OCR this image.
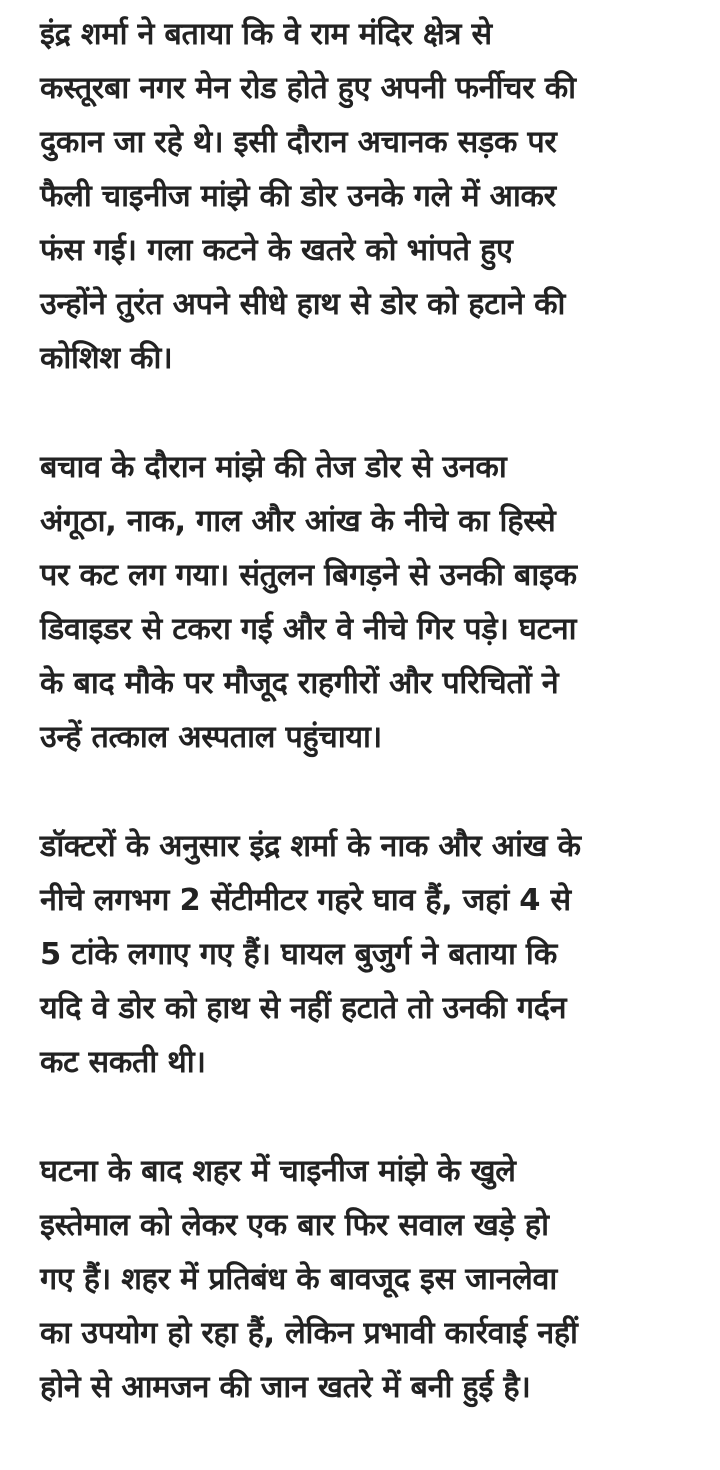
इंद्र शर्मा ने बताया कि वे राम मंदिर क्षेत्र से
कस्तूरबा नगर मेन रोड होते हुए अपनी फर्नीचर की
दुकान जा रहे थे। इसी दौरान अचानक सड़क पर
फैली चाइनीज मांझे की डोर उनके गले में आकर
फंस गई। गला कटने के खतरे को भांपते हुए
उन्होंने तुरंत अपने सीधे हाथ से डोर को हटाने की
कोशिश की।

बचाव के दौरान मांझे की तेज डोर से उनका
अंगूठा, नाक, गाल और आंख के नीचे का हिस्से
पर कट लग गया। संतुलन बिगड़ने से उनकी बाइक
डिवाइडर से टकरा गई और वे नीचे गिर पड़े। घटना
के बाद मौके पर मौजूद राहगीरों और परिचितों ने
उन्हें तत्काल अस्पताल पहुंचाया।

डॉक्टरों के अनुसार इंद्र शर्मा के नाक और आंख के
नीचे लगभग 2 सेंटीमीटर गहरे घाव हैं, जहां 4 से
5 टांके लगाए गए हैं। घायल बुजुर्ग ने बताया कि
यदि वे डोर को हाथ से नहीं हटाते तो उनकी गर्दन
कट सकती थी।

घटना के बाद शहर में चाइनीज मांझे के खुले
इस्तेमाल को लेकर एक बार फिर सवाल खड़े हो
गए हैं। शहर में प्रतिबंध के बावजूद इस जानलेवा
का उपयोग हो रहा हैं, लेकिन प्रभावी कार्रवाई नहीं
होने से आमजन की जान खतरे में बनी हुई है।
